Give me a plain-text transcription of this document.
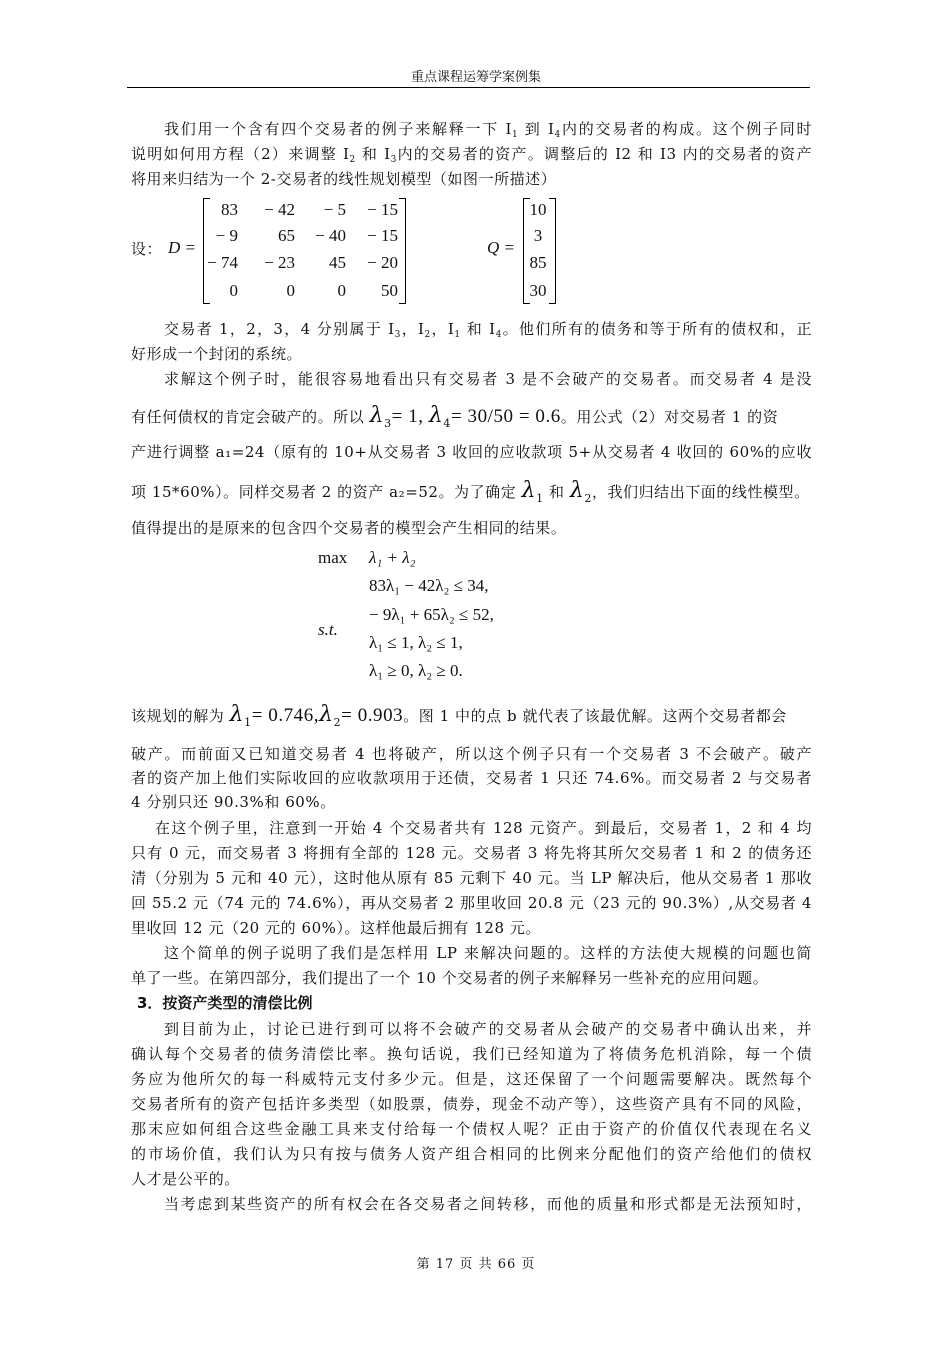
重点课程运筹学案例集
我们用一个含有四个交易者的例子来解释一下 $I_1$ 到 $I_4$内的交易者的构成。这个例子同时
说明如何用方程（2）来调整 $I_2$ 和 $I_3$内的交易者的资产。调整后的 I2 和 I3 内的交易者的资产
将用来归结为一个 2-交易者的线性规划模型（如图一所描述）
设： D =
83	− 42	− 5	− 15
− 9	65	− 40	− 15
− 74	− 23	45	− 20
0	0	0	50
Q =
10
3
85
30
交易者 1，2，3，4 分别属于 $I_3$，$I_2$，$I_1$ 和 $I_4$。他们所有的债务和等于所有的债权和，正
好形成一个封闭的系统。
求解这个例子时，能很容易地看出只有交易者 3 是不会破产的交易者。而交易者 4 是没
有任何债权的肯定会破产的。所以 $\lambda_3= 1$, $\lambda_4= 30/50 = 0.6$。用公式（2）对交易者 1 的资
产进行调整 a₁=24（原有的 10+从交易者 3 收回的应收款项 5+从交易者 4 收回的 60%的应收
项 15*60%）。同样交易者 2 的资产 a₂=52。为了确定 $\lambda_1$ 和 $\lambda_2$，我们归结出下面的线性模型。
值得提出的是原来的包含四个交易者的模型会产生相同的结果。
max λ₁ + λ₂
s.t.
83λ₁ − 42λ₂ ≤ 34,
− 9λ₁ + 65λ₂ ≤ 52,
λ₁ ≤ 1, λ₂ ≤ 1,
λ₁ ≥ 0, λ₂ ≥ 0.
该规划的解为 $\lambda_1= 0.746,\lambda_2= 0.903$。图 1 中的点 b 就代表了该最优解。这两个交易者都会
破产。而前面又已知道交易者 4 也将破产，所以这个例子只有一个交易者 3 不会破产。破产
者的资产加上他们实际收回的应收款项用于还债，交易者 1 只还 74.6%。而交易者 2 与交易者
4 分别只还 90.3%和 60%。
在这个例子里，注意到一开始 4 个交易者共有 128 元资产。到最后，交易者 1，2 和 4 均
只有 0 元，而交易者 3 将拥有全部的 128 元。交易者 3 将先将其所欠交易者 1 和 2 的债务还
清（分别为 5 元和 40 元），这时他从原有 85 元剩下 40 元。当 LP 解决后，他从交易者 1 那收
回 55.2 元（74 元的 74.6%），再从交易者 2 那里收回 20.8 元（23 元的 90.3%）,从交易者 4
里收回 12 元（20 元的 60%）。这样他最后拥有 128 元。
这个简单的例子说明了我们是怎样用 LP 来解决问题的。这样的方法使大规模的问题也简
单了一些。在第四部分，我们提出了一个 10 个交易者的例子来解释另一些补充的应用问题。
3．按资产类型的清偿比例
到目前为止，讨论已进行到可以将不会破产的交易者从会破产的交易者中确认出来，并
确认每个交易者的债务清偿比率。换句话说，我们已经知道为了将债务危机消除，每一个债
务应为他所欠的每一科威特元支付多少元。但是，这还保留了一个问题需要解决。既然每个
交易者所有的资产包括许多类型（如股票，债券，现金不动产等），这些资产具有不同的风险，
那末应如何组合这些金融工具来支付给每一个债权人呢？正由于资产的价值仅代表现在名义
的市场价值，我们认为只有按与债务人资产组合相同的比例来分配他们的资产给他们的债权
人才是公平的。
当考虑到某些资产的所有权会在各交易者之间转移，而他的质量和形式都是无法预知时，
第 17 页 共 66 页
